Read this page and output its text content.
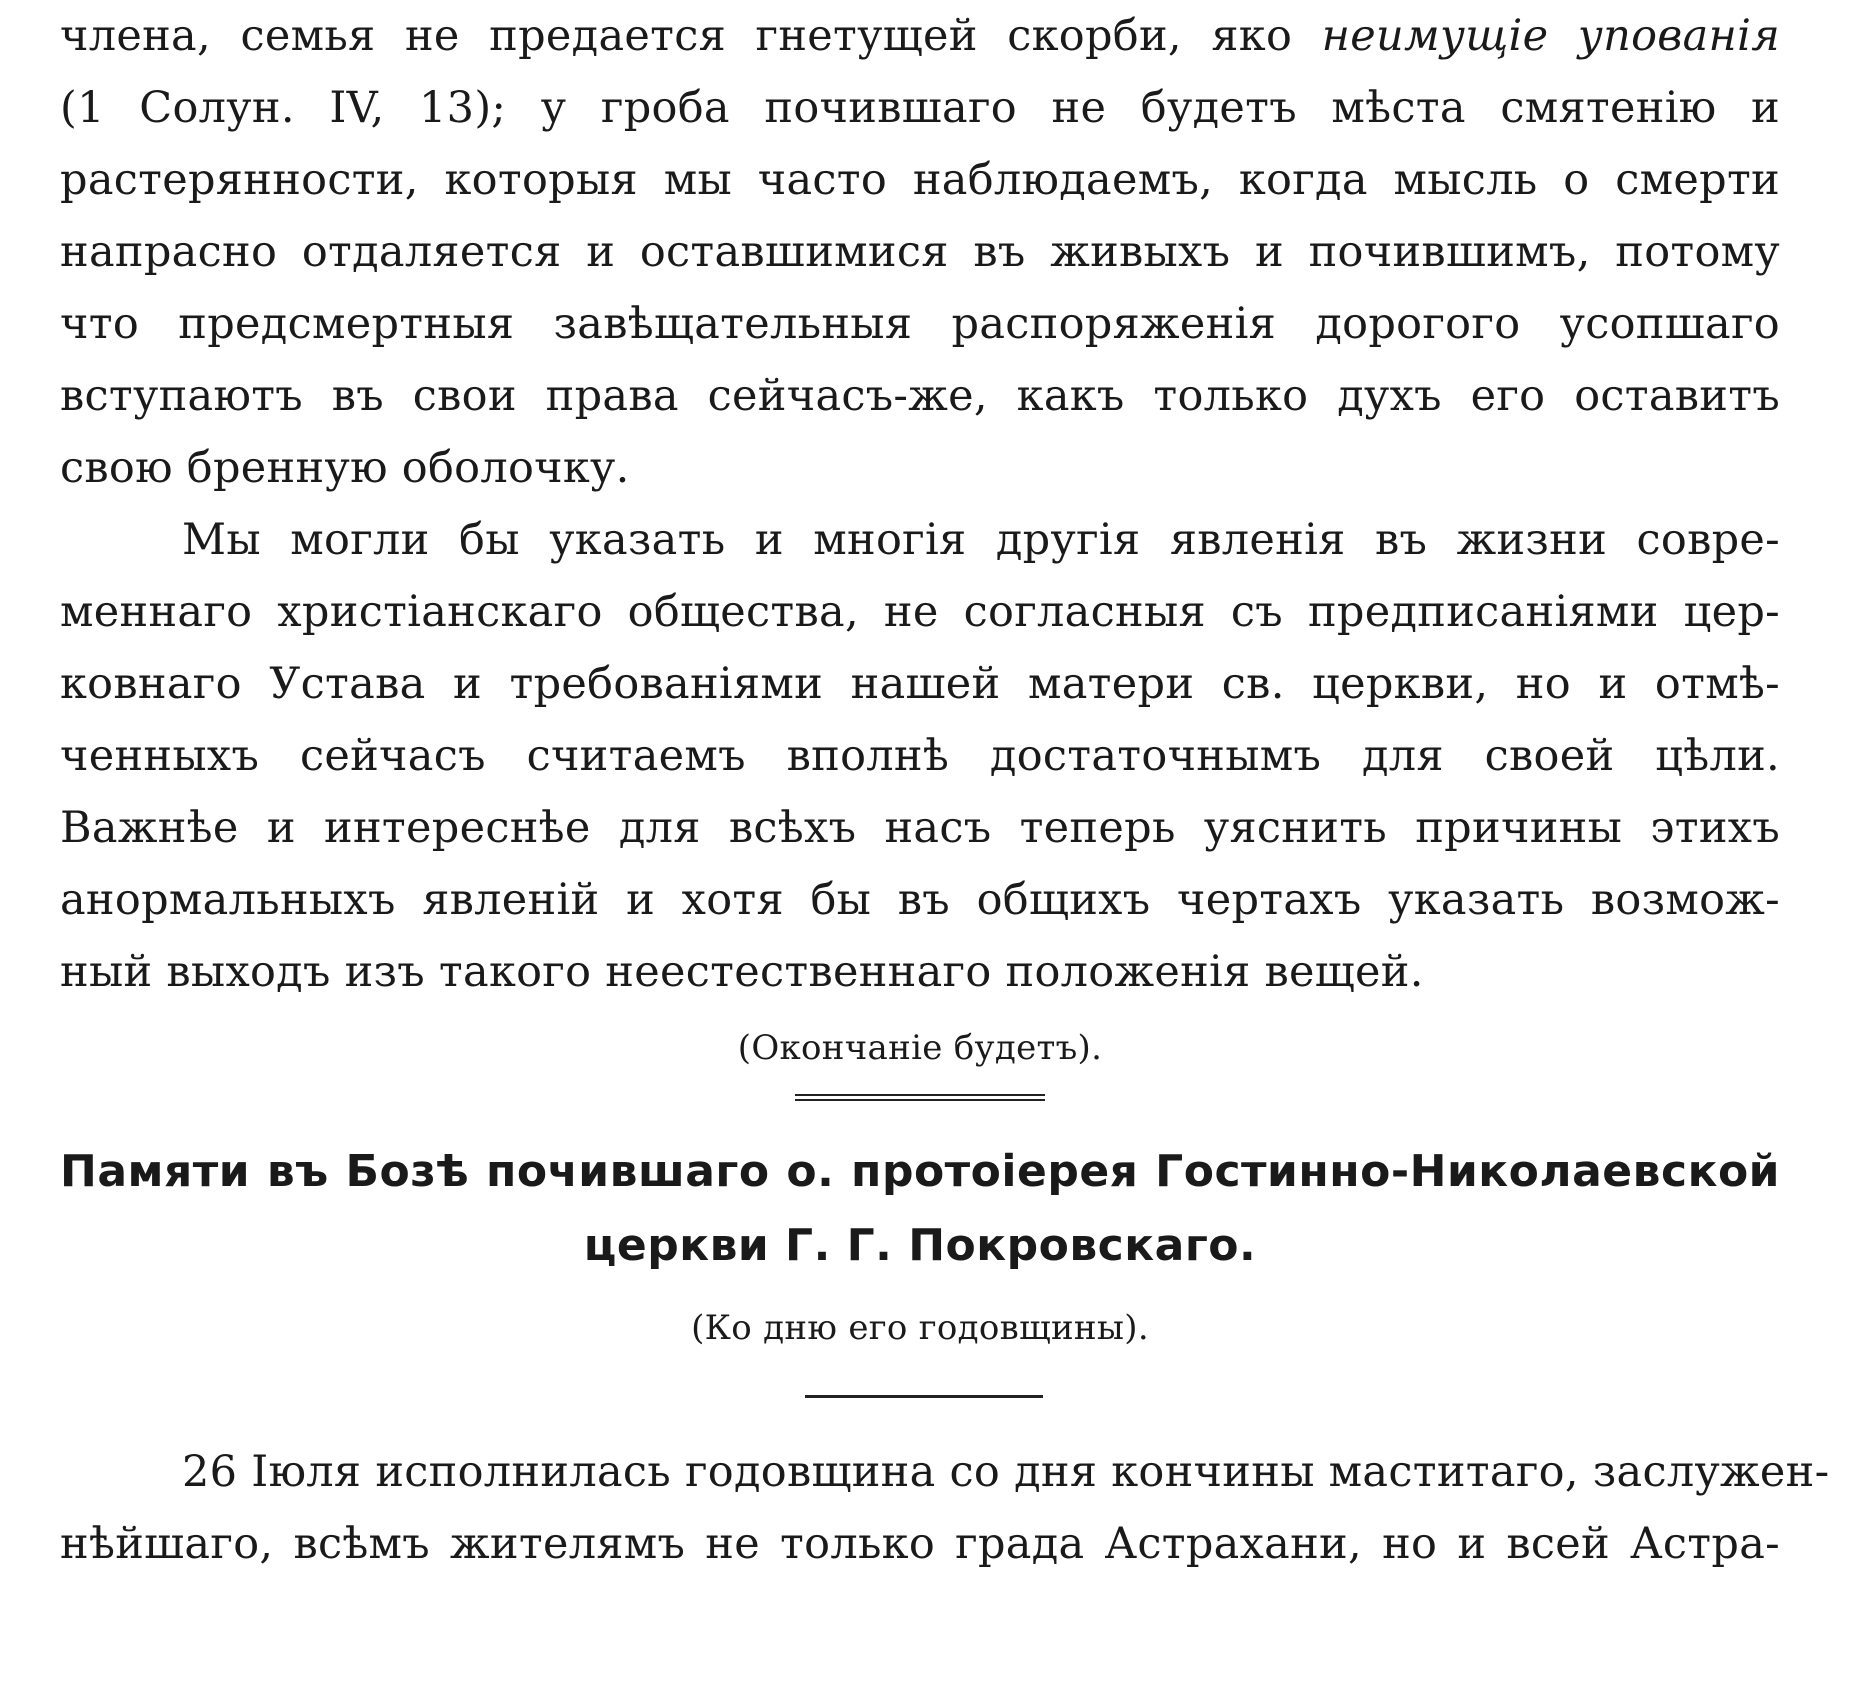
члена, семья не предается гнетущей скорби, яко неимущіе упованія
(1 Солун. IV, 13); у гроба почившаго не будетъ мѣста смятенію и
растерянности, которыя мы часто наблюдаемъ, когда мысль о смерти
напрасно отдаляется и оставшимися въ живыхъ и почившимъ, потому
что предсмертныя завѣщательныя распоряженія дорогого усопшаго
вступаютъ въ свои права сейчасъ-же, какъ только духъ его оставитъ
свою бренную оболочку.
Мы могли бы указать и многія другія явленія въ жизни совре-
меннаго христіанскаго общества, не согласныя съ предписаніями цер-
ковнаго Устава и требованіями нашей матери св. церкви, но и отмѣ-
ченныхъ сейчасъ считаемъ вполнѣ достаточнымъ для своей цѣли.
Важнѣе и интереснѣе для всѣхъ насъ теперь уяснить причины этихъ
анормальныхъ явленій и хотя бы въ общихъ чертахъ указать возмож-
ный выходъ изъ такого неестественнаго положенія вещей.
(Окончаніе будетъ).
Памяти въ Бозѣ почившаго о. протоіерея Гостинно-Николаевской
церкви Г. Г. Покровскаго.
(Ко дню его годовщины).
26 Іюля исполнилась годовщина со дня кончины маститаго, заслужен-
нѣйшаго, всѣмъ жителямъ не только града Астрахани, но и всей Астра-
